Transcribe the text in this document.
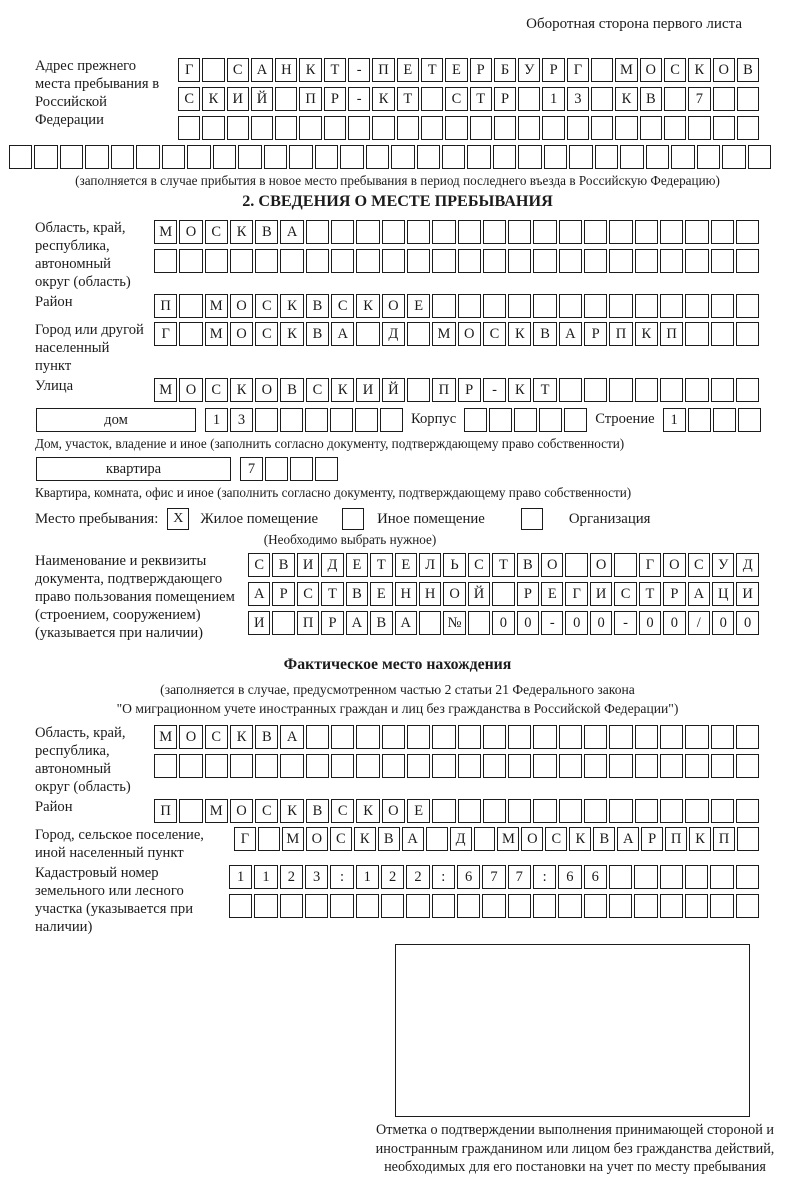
Оборотная сторона первого листа
Адрес прежнего места пребывания в Российской Федерации
Г	С А Н К	Т	-	П	Е	Т	Е	Р	Б	У	Р	Г	М О С	К О В
С	К И Й	П	Р	-	К	Т	С	Т	Р	1	3	К	В	7
(заполняется в случае прибытия в новое место пребывания в период последнего въезда в Российскую Федерацию)
2. СВЕДЕНИЯ О МЕСТЕ ПРЕБЫВАНИЯ
Область, край, республика, автономный округ (область)
М О	С	К	В	А
Район	П	М О	С	К	В	С	К	О	Е
Город или другой населенный пункт
Г	М О	С	К	В	А	Д	М О	С	К	В	А	Р	П	К	П
Улица	М О	С	К	О	В	С	К	И	Й	П	Р	-	К	Т
дом	1	3	Корпус	Строение	1
Дом, участок, владение и иное (заполнить согласно документу, подтверждающему право собственности)
квартира	7
Квартира, комната, офис и иное (заполнить согласно документу, подтверждающему право собственности)
Место пребывания:	X	Жилое помещение	Иное помещение	Организация
(Необходимо выбрать нужное)
Наименование и реквизиты документа, подтверждающего право пользования помещением (строением, сооружением) (указывается при наличии)
С	В И Д	Е	Т	Е	Л	Ь	С	Т	В О	О	Г	О С У Д
А	Р	С	Т	В	Е	Н Н О Й	Р	Е	Г	И С	Т	Р	А Ц И
И	П	Р	А В А	№	0	0	-	0	0	-	0	0	/	0	0
Фактическое место нахождения
(заполняется в случае, предусмотренном частью 2 статьи 21 Федерального закона
"О миграционном учете иностранных граждан и лиц без гражданства в Российской Федерации")
Область, край, республика, автономный округ (область)
М О	С	К	В	А
Район	П	М О	С	К	В	С	К	О	Е
Город, сельское поселение, иной населенный пункт
Г	М О С К В А	Д	М О С К В А	Р	П К П
Кадастровый номер земельного или лесного участка (указывается при наличии)
1	1	2	3	:	1	2	2	:	6	7	7	:	6	6
Отметка о подтверждении выполнения принимающей стороной и иностранным гражданином или лицом без гражданства действий, необходимых для его постановки на учет по месту пребывания
